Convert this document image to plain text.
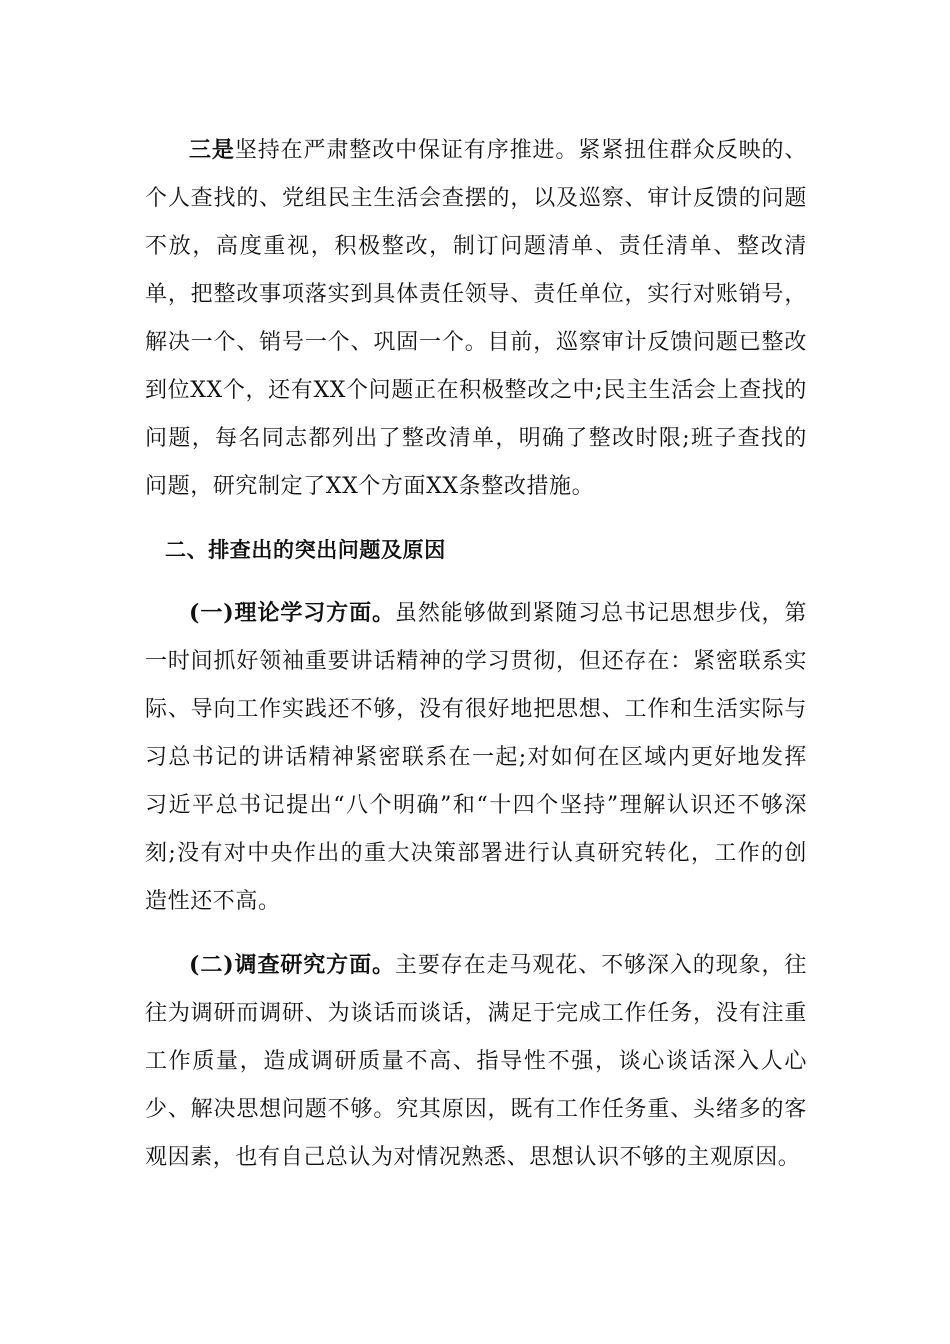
三是坚持在严肃整改中保证有序推进。紧紧扭住群众反映的、个人查找的、党组民主生活会查摆的，以及巡察、审计反馈的问题不放，高度重视，积极整改，制订问题清单、责任清单、整改清单，把整改事项落实到具体责任领导、责任单位，实行对账销号，解决一个、销号一个、巩固一个。目前，巡察审计反馈问题已整改到位XX个，还有XX个问题正在积极整改之中;民主生活会上查找的问题，每名同志都列出了整改清单，明确了整改时限;班子查找的问题，研究制定了XX个方面XX条整改措施。

二、排查出的突出问题及原因

(一)理论学习方面。虽然能够做到紧随习总书记思想步伐，第一时间抓好领袖重要讲话精神的学习贯彻，但还存在：紧密联系实际、导向工作实践还不够，没有很好地把思想、工作和生活实际与习总书记的讲话精神紧密联系在一起;对如何在区域内更好地发挥习近平总书记提出“八个明确”和“十四个坚持”理解认识还不够深刻;没有对中央作出的重大决策部署进行认真研究转化，工作的创造性还不高。

(二)调查研究方面。主要存在走马观花、不够深入的现象，往往为调研而调研、为谈话而谈话，满足于完成工作任务，没有注重工作质量，造成调研质量不高、指导性不强，谈心谈话深入人心少、解决思想问题不够。究其原因，既有工作任务重、头绪多的客观因素，也有自己总认为对情况熟悉、思想认识不够的主观原因。
